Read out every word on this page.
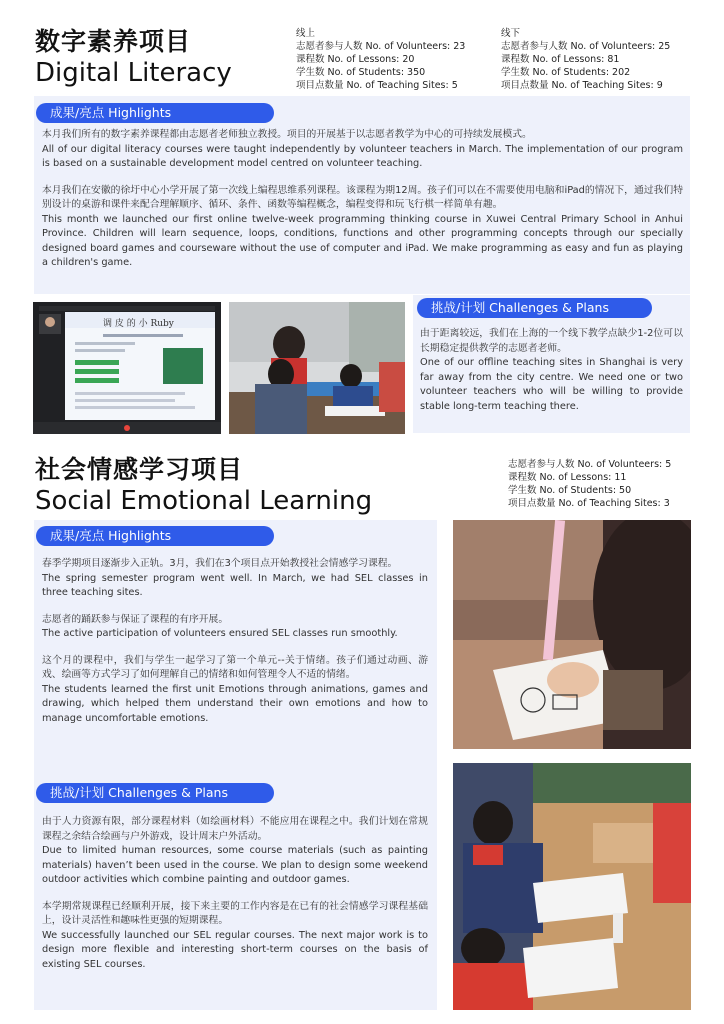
数字素养项目
Digital Literacy
线上
志愿者参与人数 No. of Volunteers: 23
课程数 No. of Lessons: 20
学生数 No. of Students: 350
项目点数量 No. of Teaching Sites: 5
线下
志愿者参与人数 No. of Volunteers: 25
课程数 No. of Lessons: 81
学生数 No. of Students: 202
项目点数量 No. of Teaching Sites: 9
成果/亮点 Highlights

本月我们所有的数字素养课程都由志愿者老师独立教授。项目的开展基于以志愿者教学为中心的可持续发展模式。

All of our digital literacy courses were taught independently by volunteer teachers in March. The implementation of our program is based on a sustainable development model centred on volunteer teaching.

本月我们在安徽的徐圩中心小学开展了第一次线上编程思维系列课程。该课程为期12周。孩子们可以在不需要使用电脑和iPad的情况下，通过我们特别设计的桌游和课件来配合理解顺序、循环、条件、函数等编程概念，编程变得和玩飞行棋一样简单有趣。

This month we launched our first online twelve-week programming thinking course in Xuwei Central Primary School in Anhui Province. Children will learn sequence, loops, conditions, functions and other programming concepts through our specially designed board games and courseware without the use of computer and iPad. We make programming as easy and fun as playing a children's game.

调 皮 的 小 Ruby
挑战/计划 Challenges & Plans

由于距离较远，我们在上海的一个线下教学点缺少1-2位可以长期稳定提供教学的志愿者老师。

One of our offline teaching sites in Shanghai is very far away from the city centre. We need one or two volunteer teachers who will be willing to provide stable long-term teaching there.

社会情感学习项目
Social Emotional Learning
志愿者参与人数 No. of Volunteers: 5
课程数 No. of Lessons: 11
学生数 No. of Students: 50
项目点数量 No. of Teaching Sites: 3
成果/亮点 Highlights

春季学期项目逐渐步入正轨。3月，我们在3个项目点开始教授社会情感学习课程。

The spring semester program went well. In March, we had SEL classes in three teaching sites.

志愿者的踊跃参与保证了课程的有序开展。

The active participation of volunteers ensured SEL classes run smoothly.

这个月的课程中，我们与学生一起学习了第一个单元--关于情绪。孩子们通过动画、游戏、绘画等方式学习了如何理解自己的情绪和如何管理令人不适的情绪。

The students learned the first unit Emotions through animations, games and drawing, which helped them understand their own emotions and how to manage uncomfortable emotions.

挑战/计划 Challenges & Plans

由于人力资源有限，部分课程材料（如绘画材料）不能应用在课程之中。我们计划在常规课程之余结合绘画与户外游戏，设计周末户外活动。

Due to limited human resources, some course materials (such as painting materials) haven’t been used in the course. We plan to design some weekend outdoor activities which combine painting and outdoor games.

本学期常规课程已经顺利开展，接下来主要的工作内容是在已有的社会情感学习课程基础上，设计灵活性和趣味性更强的短期课程。

We successfully launched our SEL regular courses. The next major work is to design more flexible and interesting short-term courses on the basis of existing SEL courses.
